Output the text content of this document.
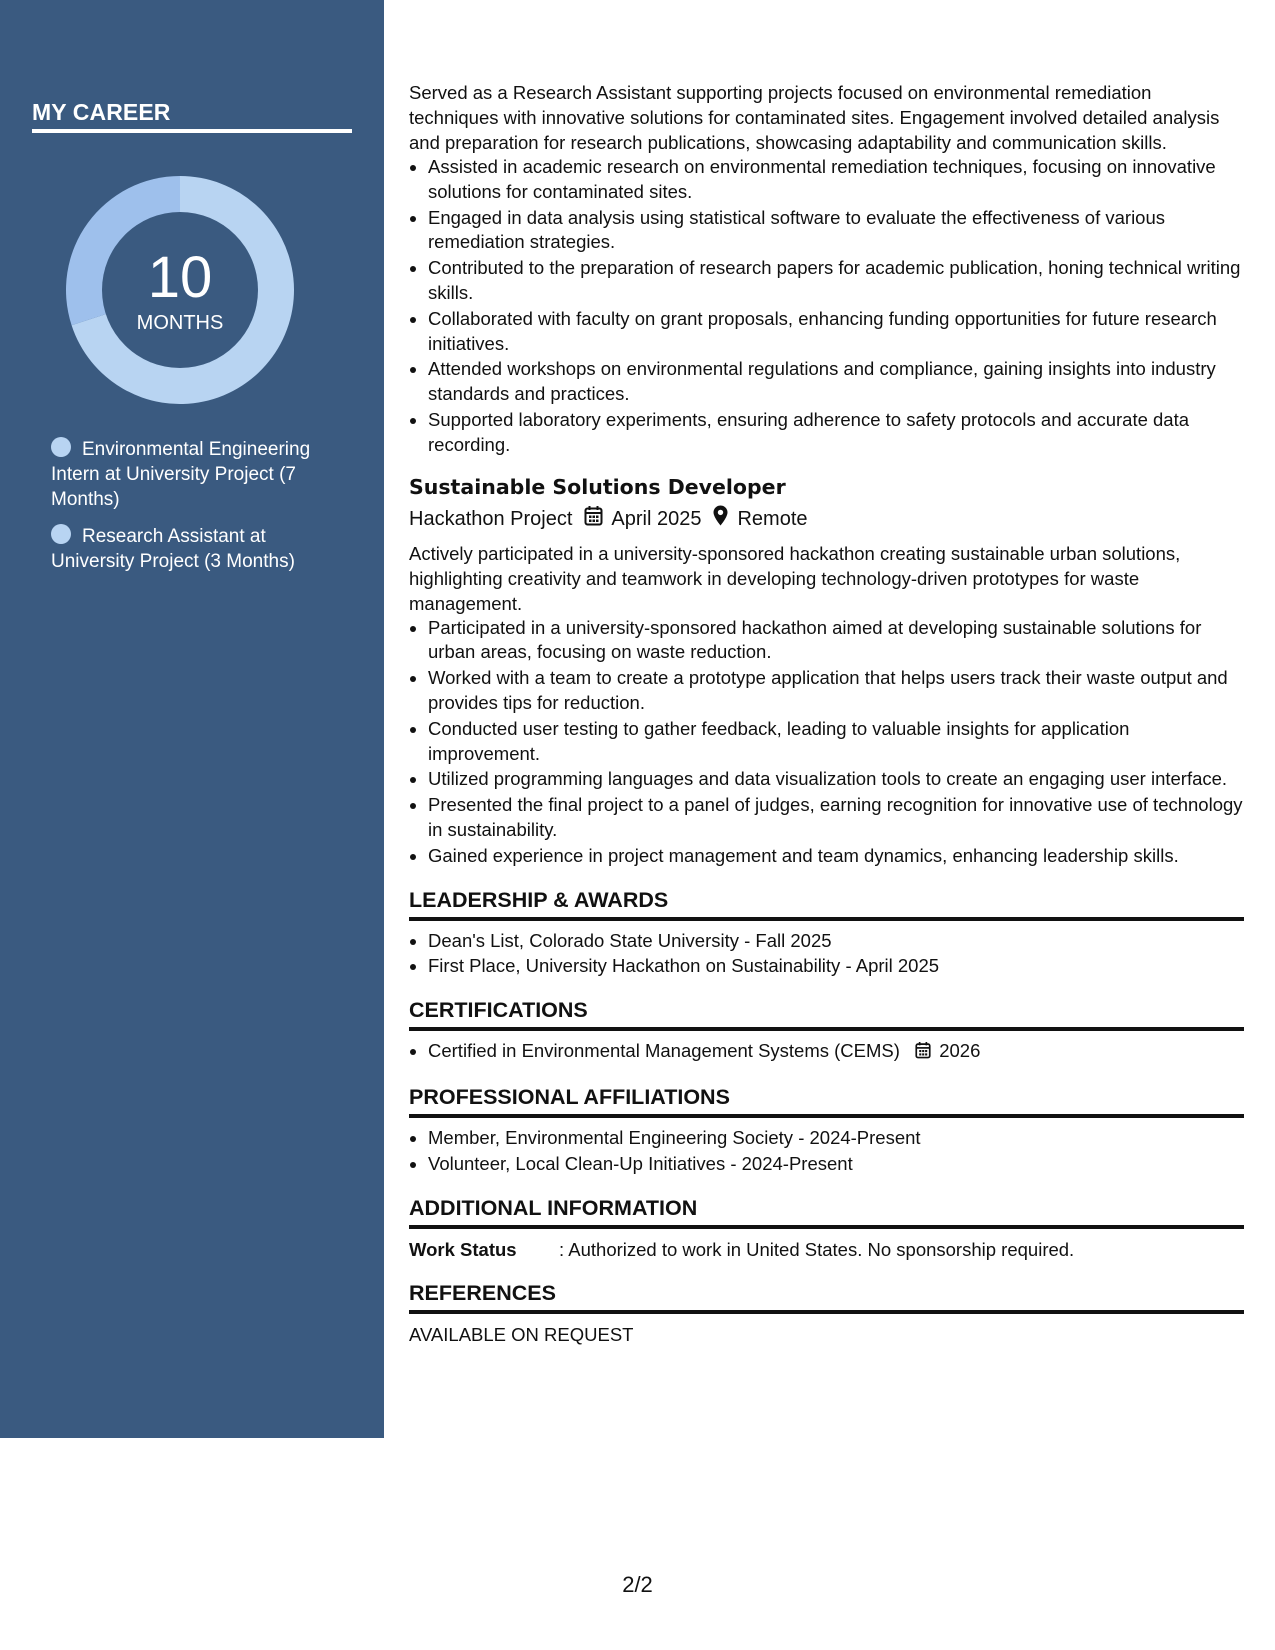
MY CAREER
10
MONTHS
Environmental Engineering Intern at University Project (7 Months)
Research Assistant at University Project (3 Months)

Served as a Research Assistant supporting projects focused on environmental remediation techniques with innovative solutions for contaminated sites. Engagement involved detailed analysis and preparation for research publications, showcasing adaptability and communication skills.

• Assisted in academic research on environmental remediation techniques, focusing on innovative solutions for contaminated sites.
• Engaged in data analysis using statistical software to evaluate the effectiveness of various remediation strategies.
• Contributed to the preparation of research papers for academic publication, honing technical writing skills.
• Collaborated with faculty on grant proposals, enhancing funding opportunities for future research initiatives.
• Attended workshops on environmental regulations and compliance, gaining insights into industry standards and practices.
• Supported laboratory experiments, ensuring adherence to safety protocols and accurate data recording.
Sustainable Solutions Developer
Hackathon Project April 2025 Remote

Actively participated in a university-sponsored hackathon creating sustainable urban solutions, highlighting creativity and teamwork in developing technology-driven prototypes for waste management.

• Participated in a university-sponsored hackathon aimed at developing sustainable solutions for urban areas, focusing on waste reduction.
• Worked with a team to create a prototype application that helps users track their waste output and provides tips for reduction.
• Conducted user testing to gather feedback, leading to valuable insights for application improvement.
• Utilized programming languages and data visualization tools to create an engaging user interface.
• Presented the final project to a panel of judges, earning recognition for innovative use of technology in sustainability.
• Gained experience in project management and team dynamics, enhancing leadership skills.
LEADERSHIP & AWARDS
• Dean's List, Colorado State University - Fall 2025
• First Place, University Hackathon on Sustainability - April 2025
CERTIFICATIONS
• Certified in Environmental Management Systems (CEMS) 2026
PROFESSIONAL AFFILIATIONS
• Member, Environmental Engineering Society - 2024-Present
• Volunteer, Local Clean-Up Initiatives - 2024-Present
ADDITIONAL INFORMATION
Work Status	: Authorized to work in United States. No sponsorship required.
REFERENCES

AVAILABLE ON REQUEST

2/2
